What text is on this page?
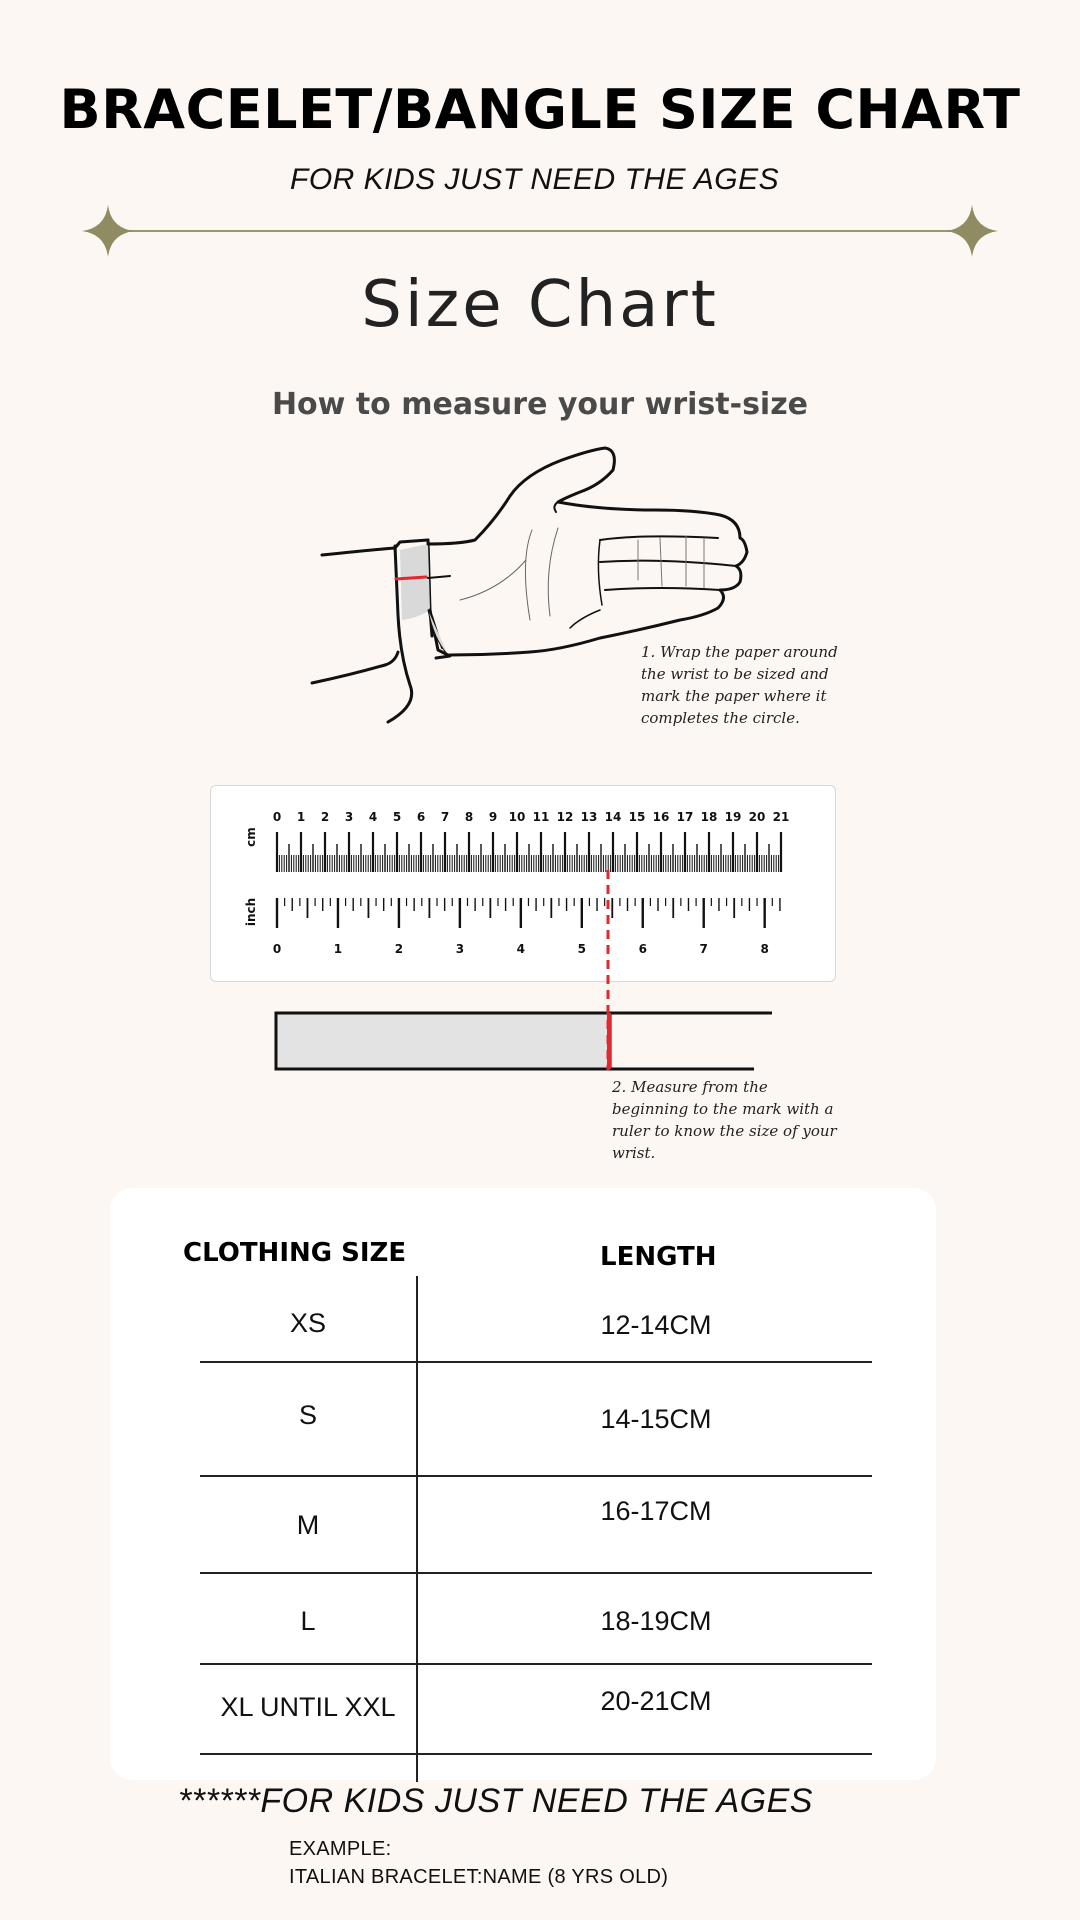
BRACELET/BANGLE SIZE CHART
FOR KIDS JUST NEED THE AGES
Size Chart
How to measure your wrist-size
1. Wrap the paper around the wrist to be sized and mark the paper where it completes the circle.
0 1 2 3 4 5 6 7 8 9 10 11 12 13 14 15 16 17 18 19 20 21
0	1	2	3	4	5	6	7	8
cm
inch
2. Measure from the beginning to the mark with a ruler to know the size of your wrist.
CLOTHING SIZE	LENGTH
XS	12-14CM
S	14-15CM
M	16-17CM
L	18-19CM
XL UNTIL XXL	20-21CM
******FOR KIDS JUST NEED THE AGES
EXAMPLE:
ITALIAN BRACELET:NAME (8 YRS OLD)
